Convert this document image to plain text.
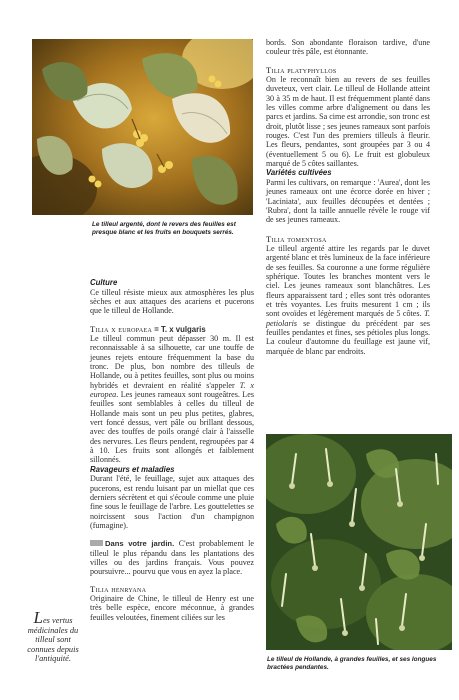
Le tilleul argenté, dont le revers des feuilles est presque blanc et les fruits en bouquets serrés.

Culture

Ce tilleul résiste mieux aux atmosphères les plus sèches et aux attaques des acariens et pucerons que le tilleul de Hollande.

Tilia x europaea = T. x vulgaris

Le tilleul commun peut dépasser 30 m. Il est reconnaissable à sa silhouette, car une touffe de jeunes rejets entoure fréquemment la base du tronc. De plus, bon nombre des tilleuls de Hollande, ou à petites feuilles, sont plus ou moins hybridés et devraient en réalité s'appeler T. x europea. Les jeunes rameaux sont rougeâtres. Les feuilles sont semblables à celles du tilleul de Hollande mais sont un peu plus petites, glabres, vert foncé dessus, vert pâle ou brillant dessous, avec des touffes de poils orangé clair à l'aisselle des nervures. Les fleurs pendent, regroupées par 4 à 10. Les fruits sont allongés et faiblement sillonnés.

Ravageurs et maladies

Durant l'été, le feuillage, sujet aux attaques des pucerons, est rendu luisant par un miellat que ces derniers sécrètent et qui s'écoule comme une pluie fine sous le feuillage de l'arbre. Les gouttelettes se noircissent sous l'action d'un champignon (fumagine).

Dans votre jardin. C'est probablement le tilleul le plus répandu dans les plantations des villes ou des jardins français. Vous pouvez poursuivre... pourvu que vous en ayez la place.

Tilia henryana

Originaire de Chine, le tilleul de Henry est une très belle espèce, encore méconnue, à grandes feuilles veloutées, finement ciliées sur les

Les vertus médicinales du tilleul sont connues depuis l'antiquité.

bords. Son abondante floraison tardive, d'une couleur très pâle, est étonnante.

Tilia platyphyllos

On le reconnaît bien au revers de ses feuilles duveteux, vert clair. Le tilleul de Hollande atteint 30 à 35 m de haut. Il est fréquemment planté dans les villes comme arbre d'alignement ou dans les parcs et jardins. Sa cime est arrondie, son tronc est droit, plutôt lisse ; ses jeunes rameaux sont parfois rouges. C'est l'un des premiers tilleuls à fleurir. Les fleurs, pendantes, sont groupées par 3 ou 4 (éventuellement 5 ou 6). Le fruit est globuleux marqué de 5 côtes saillantes.

Variétés cultivées

Parmi les cultivars, on remarque : 'Aurea', dont les jeunes rameaux ont une écorce dorée en hiver ; 'Laciniata', aux feuilles découpées et dentées ; 'Rubra', dont la taille annuelle révèle le rouge vif de ses jeunes rameaux.

Tilia tomentosa

Le tilleul argenté attire les regards par le duvet argenté blanc et très lumineux de la face inférieure de ses feuilles. Sa couronne a une forme régulière sphérique. Toutes les branches montent vers le ciel. Les jeunes rameaux sont blanchâtres. Les fleurs apparaissent tard ; elles sont très odorantes et très voyantes. Les fruits mesurent 1 cm ; ils sont ovoïdes et légèrement marqués de 5 côtes. T. petiolaris se distingue du précédent par ses feuilles pendantes et fines, ses pétioles plus longs. La couleur d'automne du feuillage est jaune vif, marquée de blanc par endroits.

Le tilleul de Hollande, à grandes feuilles, et ses longues bractées pendantes.
